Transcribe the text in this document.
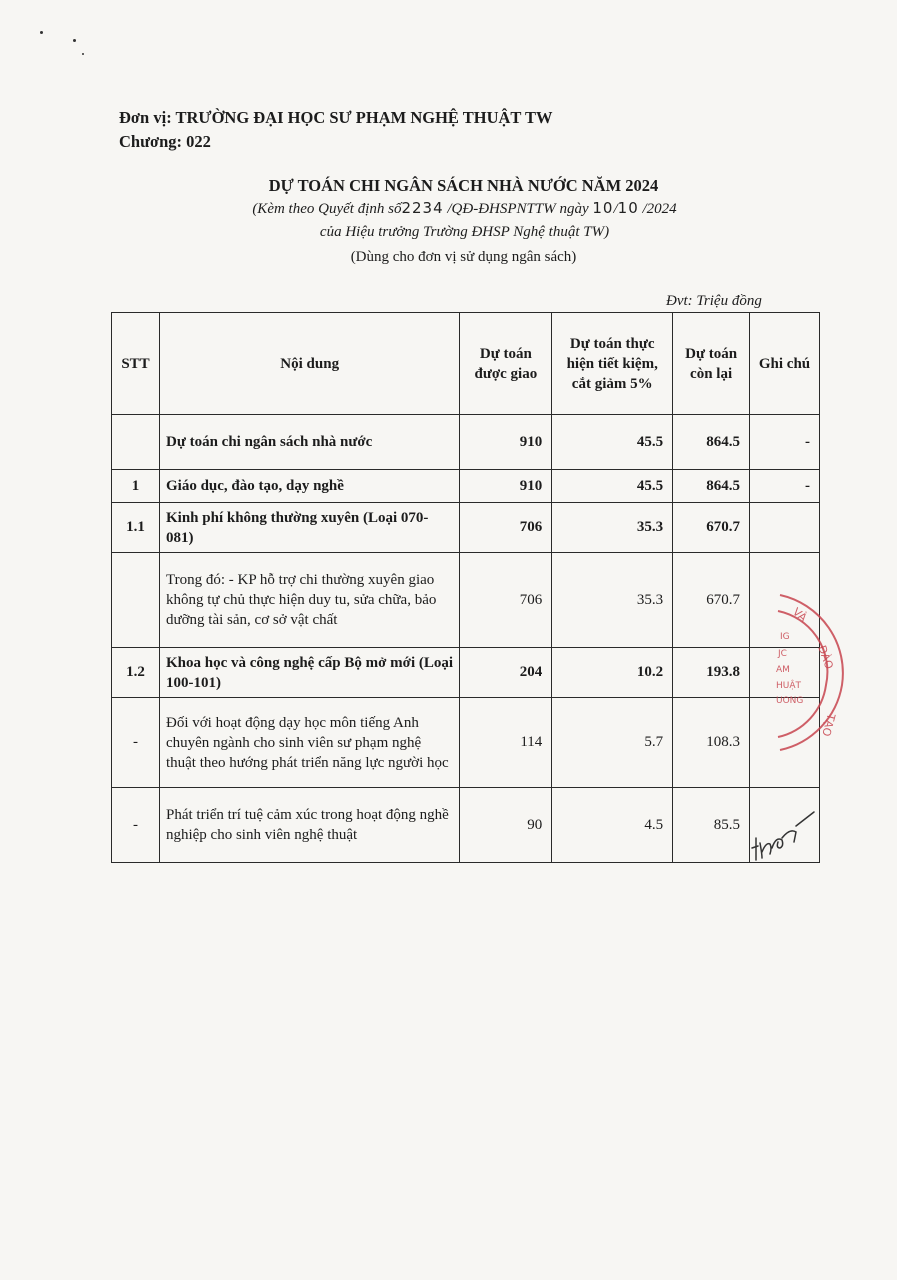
Đơn vị: TRƯỜNG ĐẠI HỌC SƯ PHẠM NGHỆ THUẬT TW
Chương: 022
DỰ TOÁN CHI NGÂN SÁCH NHÀ NƯỚC NĂM 2024
(Kèm theo Quyết định số2234 /QĐ-ĐHSPNTTW ngày 10/10 /2024
của Hiệu trưởng Trường ĐHSP Nghệ thuật TW)
(Dùng cho đơn vị sử dụng ngân sách)
Đvt: Triệu đồng
STT	Nội dung	Dự toán được giao	Dự toán thực hiện tiết kiệm, cắt giảm 5%	Dự toán còn lại	Ghi chú
	Dự toán chi ngân sách nhà nước	910	45.5	864.5	-
1	Giáo dục, đào tạo, dạy nghề	910	45.5	864.5	-
1.1	Kinh phí không thường xuyên (Loại 070-081)	706	35.3	670.7	
	Trong đó: - KP hỗ trợ chi thường xuyên giao không tự chủ thực hiện duy tu, sửa chữa, bảo dưỡng tài sản, cơ sở vật chất	706	35.3	670.7	
1.2	Khoa học và công nghệ cấp Bộ mở mới (Loại 100-101)	204	10.2	193.8	
-	Đối với hoạt động dạy học môn tiếng Anh chuyên ngành cho sinh viên sư phạm nghệ thuật theo hướng phát triển năng lực người học	114	5.7	108.3	
-	Phát triển trí tuệ cảm xúc trong hoạt động nghề nghiệp cho sinh viên nghệ thuật	90	4.5	85.5	
VÀ
ĐÀO
TẠO
IG
JC
AM
HUẬT
UONG
